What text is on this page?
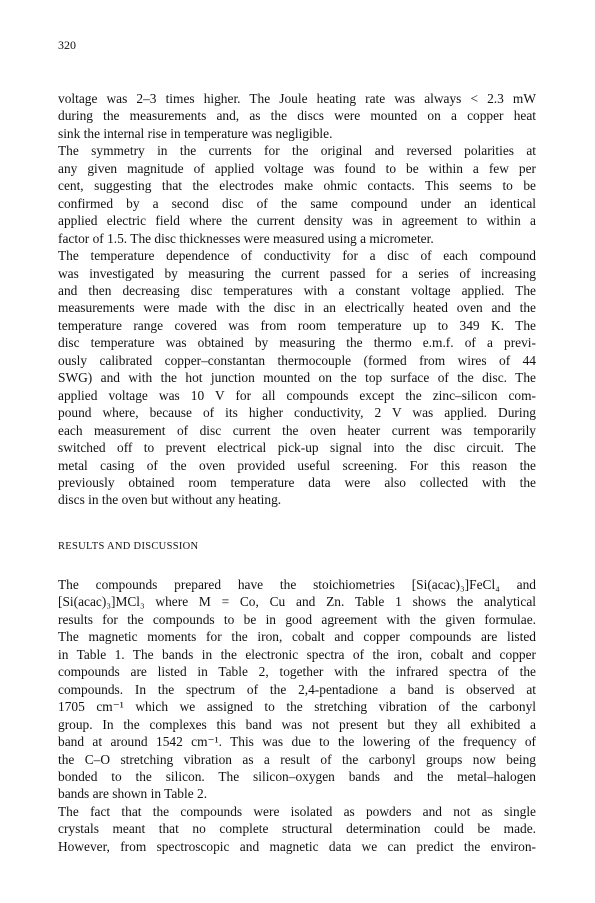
320
voltage was 2–3 times higher. The Joule heating rate was always < 2.3 mW
during the measurements and, as the discs were mounted on a copper heat
sink the internal rise in temperature was negligible.
The symmetry in the currents for the original and reversed polarities at
any given magnitude of applied voltage was found to be within a few per
cent, suggesting that the electrodes make ohmic contacts. This seems to be
confirmed by a second disc of the same compound under an identical
applied electric field where the current density was in agreement to within a
factor of 1.5. The disc thicknesses were measured using a micrometer.
The temperature dependence of conductivity for a disc of each compound
was investigated by measuring the current passed for a series of increasing
and then decreasing disc temperatures with a constant voltage applied. The
measurements were made with the disc in an electrically heated oven and the
temperature range covered was from room temperature up to 349 K. The
disc temperature was obtained by measuring the thermo e.m.f. of a previ-
ously calibrated copper–constantan thermocouple (formed from wires of 44
SWG) and with the hot junction mounted on the top surface of the disc. The
applied voltage was 10 V for all compounds except the zinc–silicon com-
pound where, because of its higher conductivity, 2 V was applied. During
each measurement of disc current the oven heater current was temporarily
switched off to prevent electrical pick-up signal into the disc circuit. The
metal casing of the oven provided useful screening. For this reason the
previously obtained room temperature data were also collected with the
discs in the oven but without any heating.
RESULTS AND DISCUSSION
The compounds prepared have the stoichiometries [Si(acac)₃]FeCl₄ and
[Si(acac)₃]MCl₃ where M = Co, Cu and Zn. Table 1 shows the analytical
results for the compounds to be in good agreement with the given formulae.
The magnetic moments for the iron, cobalt and copper compounds are listed
in Table 1. The bands in the electronic spectra of the iron, cobalt and copper
compounds are listed in Table 2, together with the infrared spectra of the
compounds. In the spectrum of the 2,4-pentadione a band is observed at
1705 cm⁻¹ which we assigned to the stretching vibration of the carbonyl
group. In the complexes this band was not present but they all exhibited a
band at around 1542 cm⁻¹. This was due to the lowering of the frequency of
the C–O stretching vibration as a result of the carbonyl groups now being
bonded to the silicon. The silicon–oxygen bands and the metal–halogen
bands are shown in Table 2.
The fact that the compounds were isolated as powders and not as single
crystals meant that no complete structural determination could be made.
However, from spectroscopic and magnetic data we can predict the environ-
